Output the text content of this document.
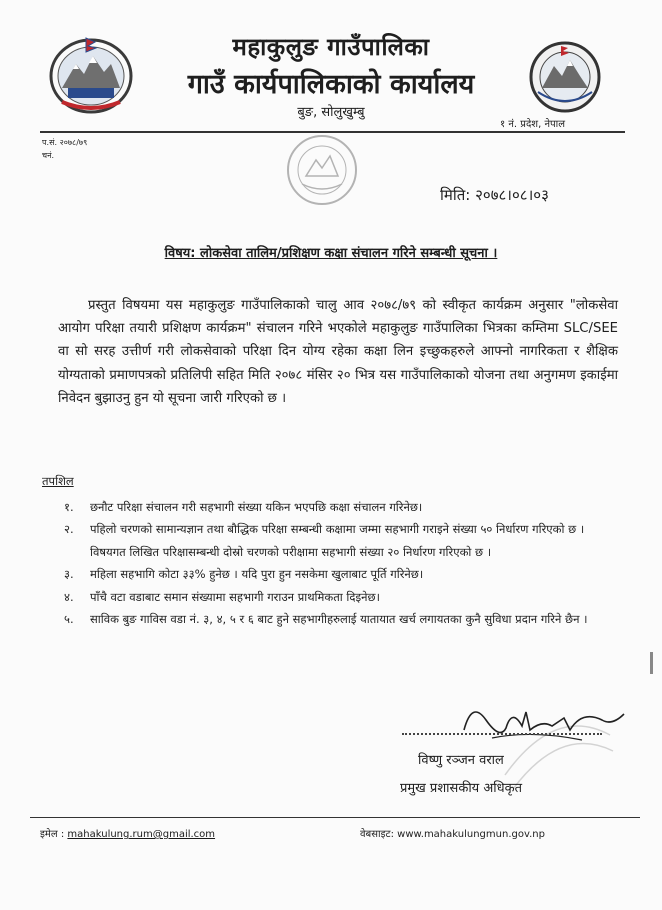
महाकुलुङ गाउँपालिका
गाउँ कार्यपालिकाको कार्यालय
बुङ, सोलुखुम्बु
१ नं. प्रदेश, नेपाल
प.सं. २०७८/७९
चनं.
मिति: २०७८।०८।०३
विषय: लोकसेवा तालिम/प्रशिक्षण कक्षा संचालन गरिने सम्बन्धी सूचना ।
प्रस्तुत विषयमा यस महाकुलुङ गाउँपालिकाको चालु आव २०७८/७९ को स्वीकृत कार्यक्रम अनुसार "लोकसेवा आयोग परिक्षा तयारी प्रशिक्षण कार्यक्रम" संचालन गरिने भएकोले महाकुलुङ गाउँपालिका भित्रका कम्तिमा SLC/SEE वा सो सरह उत्तीर्ण गरी लोकसेवाको परिक्षा दिन योग्य रहेका कक्षा लिन इच्छुकहरुले आफ्नो नागरिकता र शैक्षिक योग्यताको प्रमाणपत्रको प्रतिलिपी सहित मिति २०७८ मंसिर २० भित्र यस गाउँपालिकाको योजना तथा अनुगमण इकाईमा निवेदन बुझाउनु हुन यो सूचना जारी गरिएको छ ।
तपशिल
१. छनौट परिक्षा संचालन गरी सहभागी संख्या यकिन भएपछि कक्षा संचालन गरिनेछ।
२. पहिलो चरणको सामान्यज्ञान तथा बौद्धिक परिक्षा सम्बन्धी कक्षामा जम्मा सहभागी गराइने संख्या ५० निर्धारण गरिएको छ ।विषयगत लिखित परिक्षासम्बन्धी दोस्रो चरणको परीक्षामा सहभागी संख्या २० निर्धारण गरिएको छ ।
३. महिला सहभागि कोटा ३३% हुनेछ । यदि पुरा हुन नसकेमा खुलाबाट पूर्ति गरिनेछ।
४. पाँचै वटा वडाबाट समान संख्यामा सहभागी गराउन प्राथमिकता दिइनेछ।
५. साविक बुङ गाविस वडा नं. ३, ४, ५ र ६ बाट हुने सहभागीहरुलाई यातायात खर्च लगायतका कुनै सुविधा प्रदान गरिने छैन ।
विष्णु रञ्जन वराल
प्रमुख प्रशासकीय अधिकृत
इमेल : mahakulung.rum@gmail.com	वेबसाइट: www.mahakulungmun.gov.np
